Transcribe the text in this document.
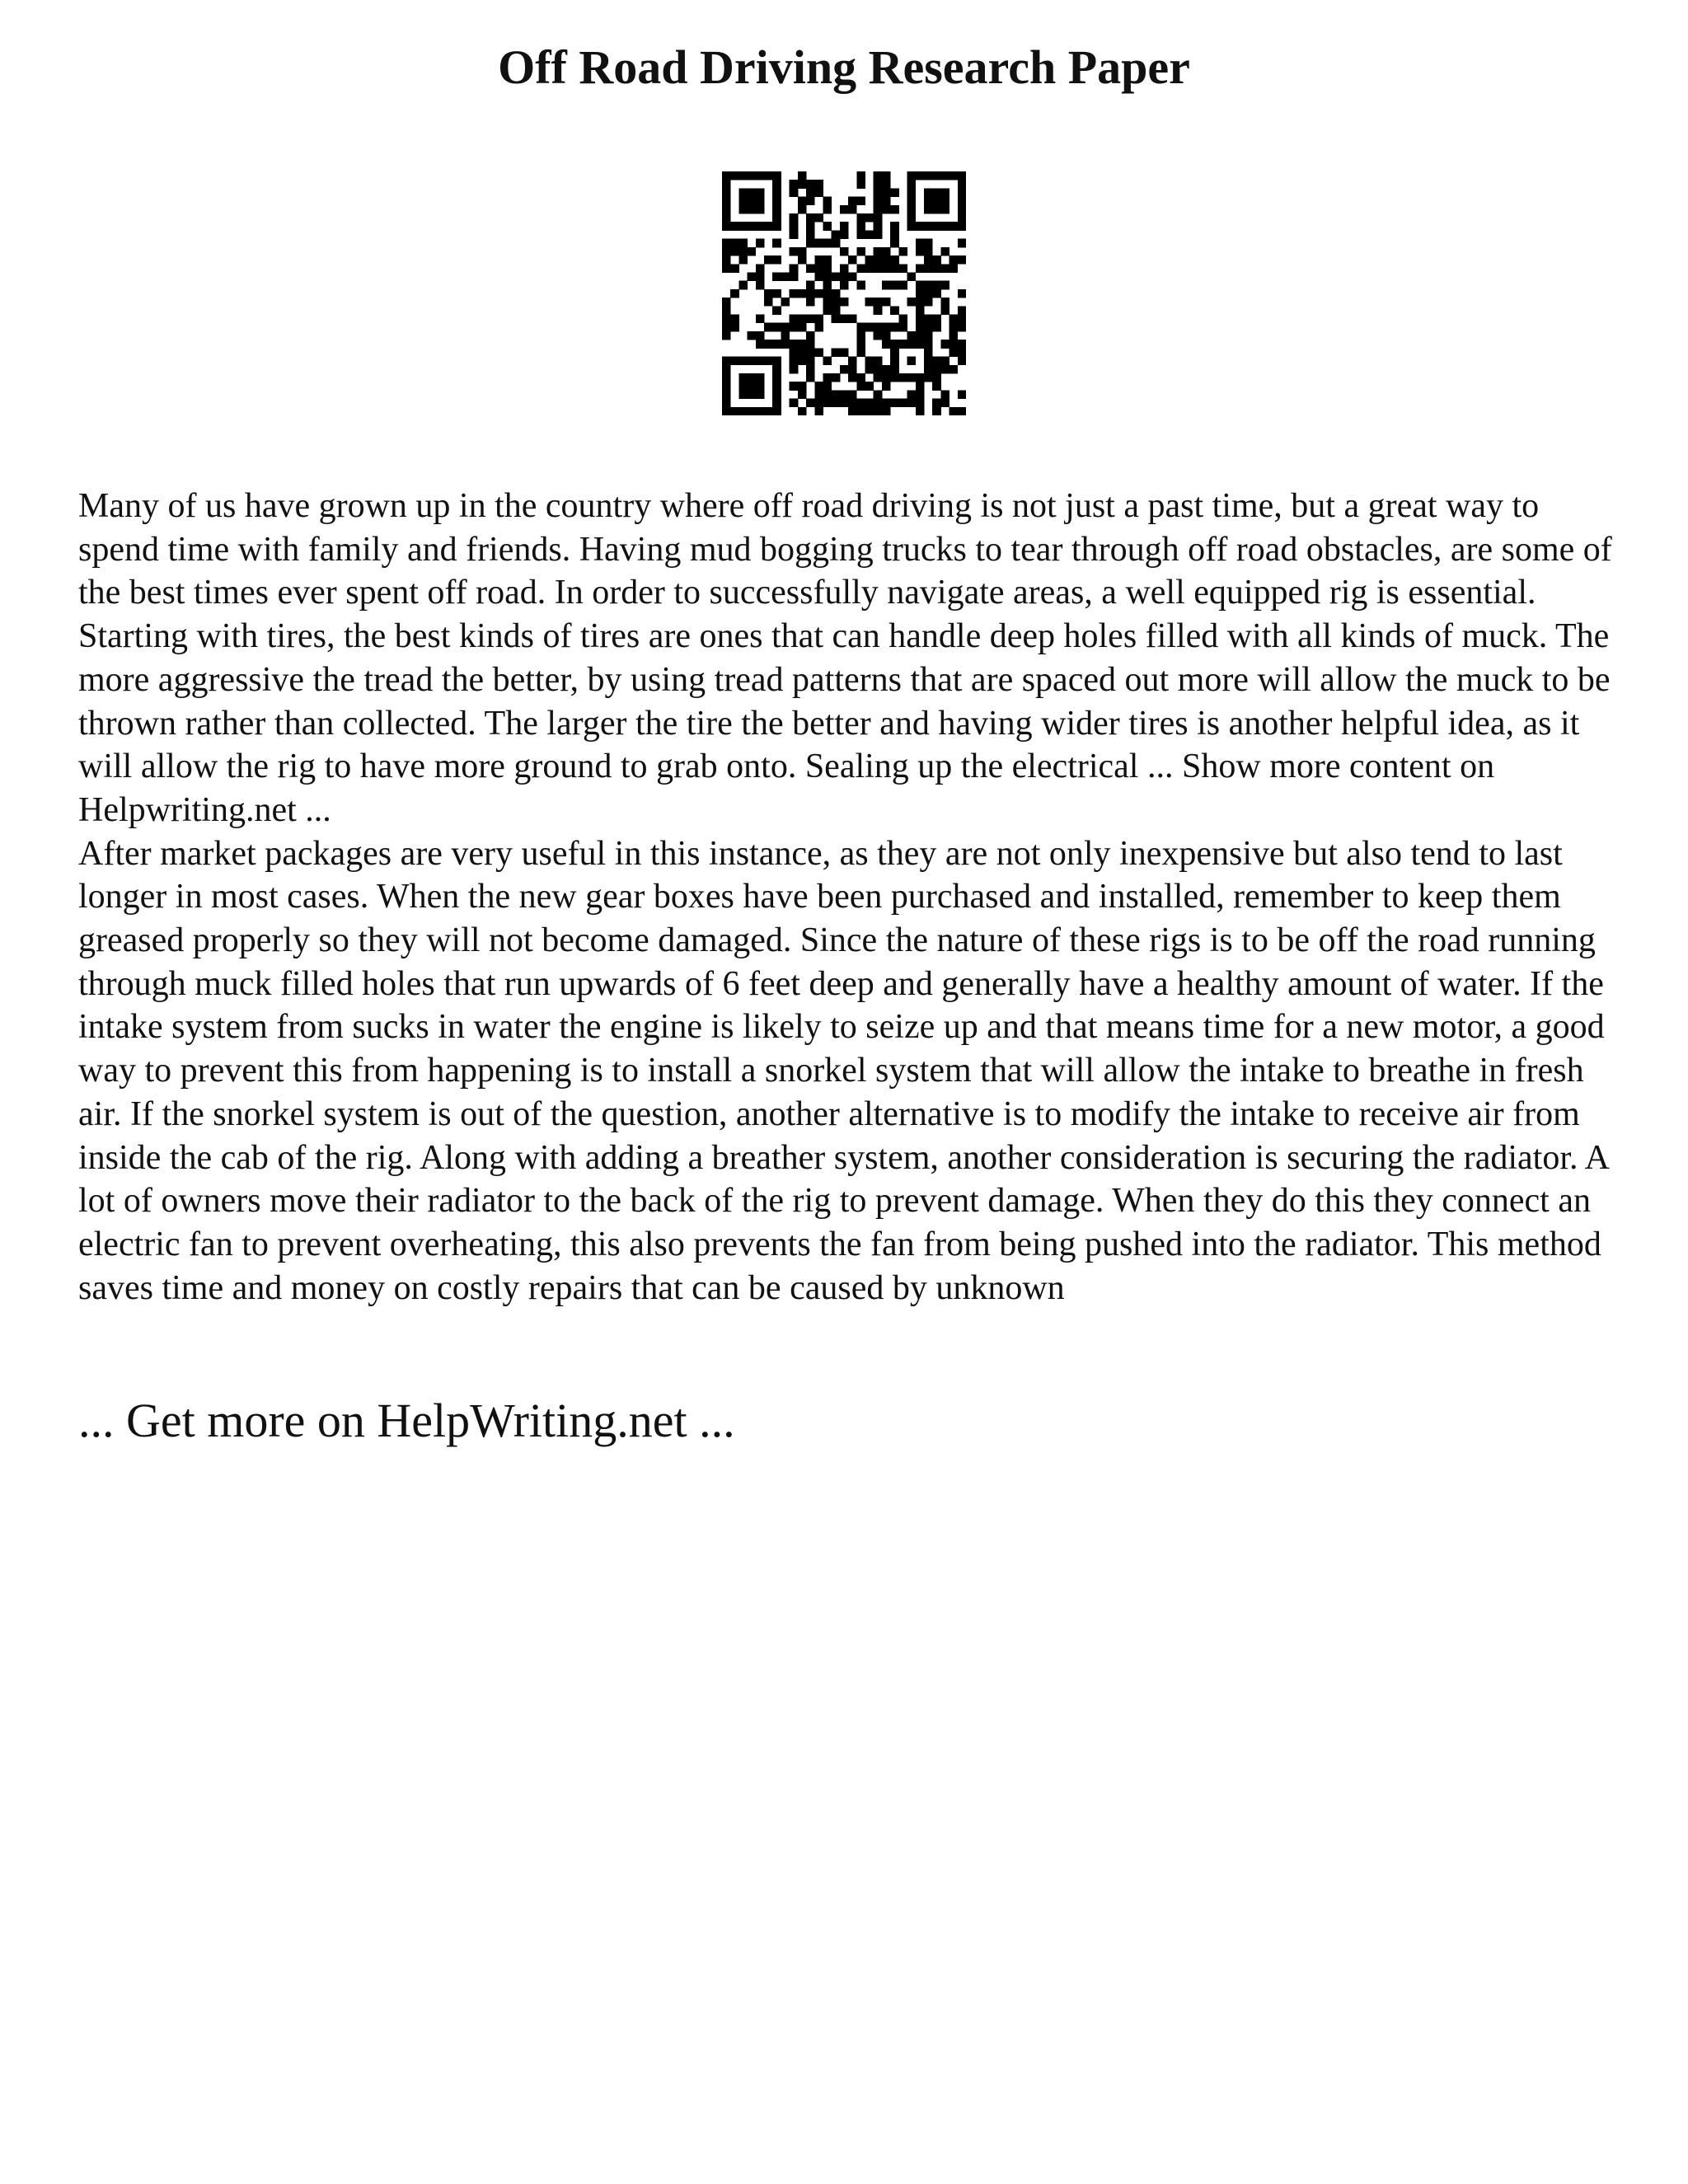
Off Road Driving Research Paper

Many of us have grown up in the country where off road driving is not just a past time, but a great way to spend time with family and friends. Having mud bogging trucks to tear through off road obstacles, are some of the best times ever spent off road. In order to successfully navigate areas, a well equipped rig is essential. Starting with tires, the best kinds of tires are ones that can handle deep holes filled with all kinds of muck. The more aggressive the tread the better, by using tread patterns that are spaced out more will allow the muck to be thrown rather than collected. The larger the tire the better and having wider tires is another helpful idea, as it will allow the rig to have more ground to grab onto. Sealing up the electrical ... Show more content on Helpwriting.net ...

After market packages are very useful in this instance, as they are not only inexpensive but also tend to last longer in most cases. When the new gear boxes have been purchased and installed, remember to keep them greased properly so they will not become damaged. Since the nature of these rigs is to be off the road running through muck filled holes that run upwards of 6 feet deep and generally have a healthy amount of water. If the intake system from sucks in water the engine is likely to seize up and that means time for a new motor, a good way to prevent this from happening is to install a snorkel system that will allow the intake to breathe in fresh air. If the snorkel system is out of the question, another alternative is to modify the intake to receive air from inside the cab of the rig. Along with adding a breather system, another consideration is securing the radiator. A lot of owners move their radiator to the back of the rig to prevent damage. When they do this they connect an electric fan to prevent overheating, this also prevents the fan from being pushed into the radiator. This method saves time and money on costly repairs that can be caused by unknown

... Get more on HelpWriting.net ...
